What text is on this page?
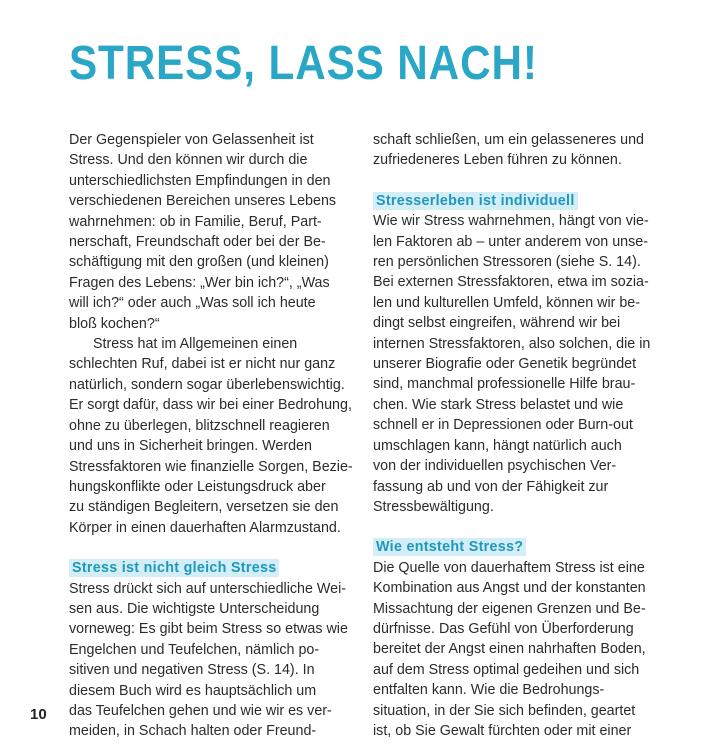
STRESS, LASS NACH!

Der Gegenspieler von Gelassenheit ist
Stress. Und den können wir durch die
unterschiedlichsten Empfindungen in den
verschiedenen Bereichen unseres Lebens
wahrnehmen: ob in Familie, Beruf, Part-
nerschaft, Freundschaft oder bei der Be-
schäftigung mit den großen (und kleinen)
Fragen des Lebens: „Wer bin ich?“, „Was
will ich?“ oder auch „Was soll ich heute
bloß kochen?“

Stress hat im Allgemeinen einen
schlechten Ruf, dabei ist er nicht nur ganz
natürlich, sondern sogar überlebenswichtig.
Er sorgt dafür, dass wir bei einer Bedrohung,
ohne zu überlegen, blitzschnell reagieren
und uns in Sicherheit bringen. Werden
Stressfaktoren wie finanzielle Sorgen, Bezie-
hungskonflikte oder Leistungsdruck aber
zu ständigen Begleitern, versetzen sie den
Körper in einen dauerhaften Alarmzustand.

Stress ist nicht gleich Stress

Stress drückt sich auf unterschiedliche Wei-
sen aus. Die wichtigste Unterscheidung
vorneweg: Es gibt beim Stress so etwas wie
Engelchen und Teufelchen, nämlich po-
sitiven und negativen Stress (S. 14). In
diesem Buch wird es hauptsächlich um
das Teufelchen gehen und wie wir es ver-
meiden, in Schach halten oder Freund-

schaft schließen, um ein gelasseneres und
zufriedeneres Leben führen zu können.

Stresserleben ist individuell

Wie wir Stress wahrnehmen, hängt von vie-
len Faktoren ab – unter anderem von unse-
ren persönlichen Stressoren (siehe S. 14).
Bei externen Stressfaktoren, etwa im sozia-
len und kulturellen Umfeld, können wir be-
dingt selbst eingreifen, während wir bei
internen Stressfaktoren, also solchen, die in
unserer Biografie oder Genetik begründet
sind, manchmal professionelle Hilfe brau-
chen. Wie stark Stress belastet und wie
schnell er in Depressionen oder Burn-out
umschlagen kann, hängt natürlich auch
von der individuellen psychischen Ver-
fassung ab und von der Fähigkeit zur
Stressbewältigung.

Wie entsteht Stress?

Die Quelle von dauerhaftem Stress ist eine
Kombination aus Angst und der konstanten
Missachtung der eigenen Grenzen und Be-
dürfnisse. Das Gefühl von Überforderung
bereitet der Angst einen nahrhaften Boden,
auf dem Stress optimal gedeihen und sich
entfalten kann. Wie die Bedrohungs-
situation, in der Sie sich befinden, geartet
ist, ob Sie Gewalt fürchten oder mit einer

10
